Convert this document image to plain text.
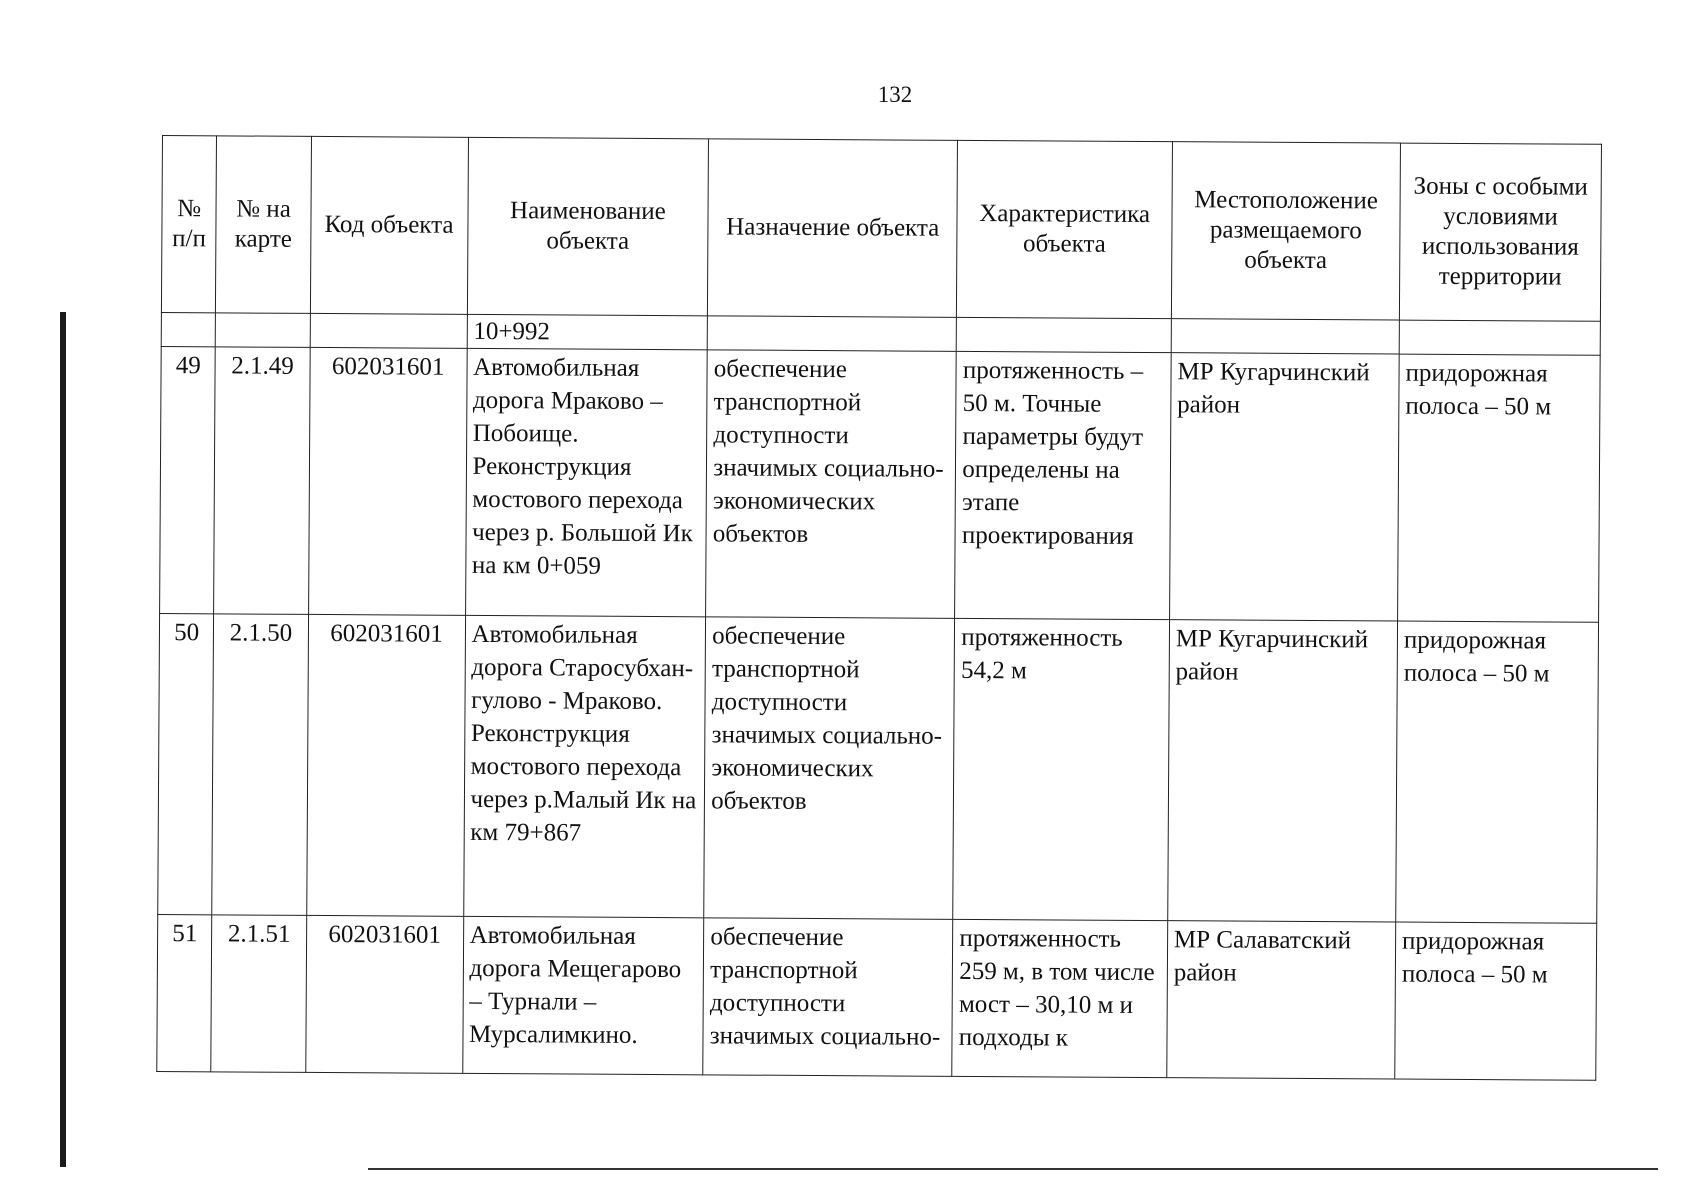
132
№ п/п	№ на карте	Код объекта	Наименование объекта	Назначение объекта	Характеристика объекта	Местоположение размещаемого объекта	Зоны с особыми условиями использования территории
			10+992				
49	2.1.49	602031601	Автомобильная дорога Мраково – Побоище. Реконструкция мостового перехода через р. Большой Ик на км 0+059	обеспечение транспортной доступности значимых социально-экономических объектов	протяженность – 50 м. Точные параметры будут определены на этапе проектирования	МР Кугарчинский район	придорожная полоса – 50 м
50	2.1.50	602031601	Автомобильная дорога Старосубхан-гулово - Мраково. Реконструкция мостового перехода через р.Малый Ик на км 79+867	обеспечение транспортной доступности значимых социально-экономических объектов	протяженность 54,2 м	МР Кугарчинский район	придорожная полоса – 50 м
51	2.1.51	602031601	Автомобильная дорога Мещегарово – Турнали – Мурсалимкино.	обеспечение транспортной доступности значимых социально-	протяженность 259 м, в том числе мост – 30,10 м и подходы к	МР Салаватский район	придорожная полоса – 50 м
